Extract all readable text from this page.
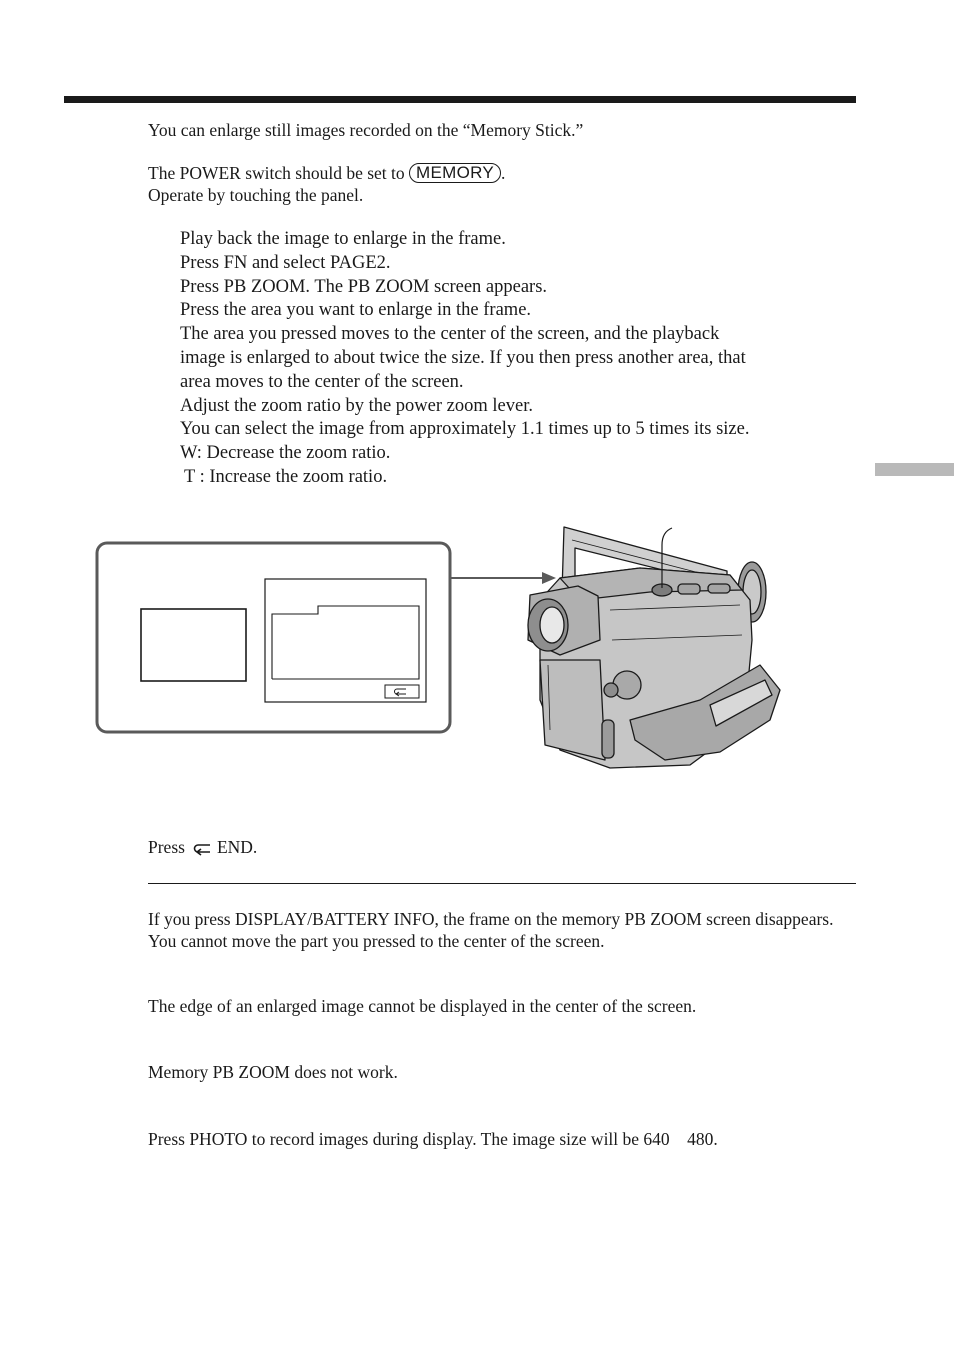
You can enlarge still images recorded on the “Memory Stick.”
The POWER switch should be set to MEMORY .
Operate by touching the panel.
Play back the image to enlarge in the frame.
Press FN and select PAGE2.
Press PB ZOOM. The PB ZOOM screen appears.
Press the area you want to enlarge in the frame.
The area you pressed moves to the center of the screen, and the playback
image is enlarged to about twice the size. If you then press another area, that
area moves to the center of the screen.
Adjust the zoom ratio by the power zoom lever.
You can select the image from approximately 1.1 times up to 5 times its size.
W: Decrease the zoom ratio.
T : Increase the zoom ratio.
Press END.
If you press DISPLAY/BATTERY INFO, the frame on the memory PB ZOOM screen disappears. You cannot move the part you pressed to the center of the screen.
The edge of an enlarged image cannot be displayed in the center of the screen.
Memory PB ZOOM does not work.
Press PHOTO to record images during display. The image size will be 640    480.
